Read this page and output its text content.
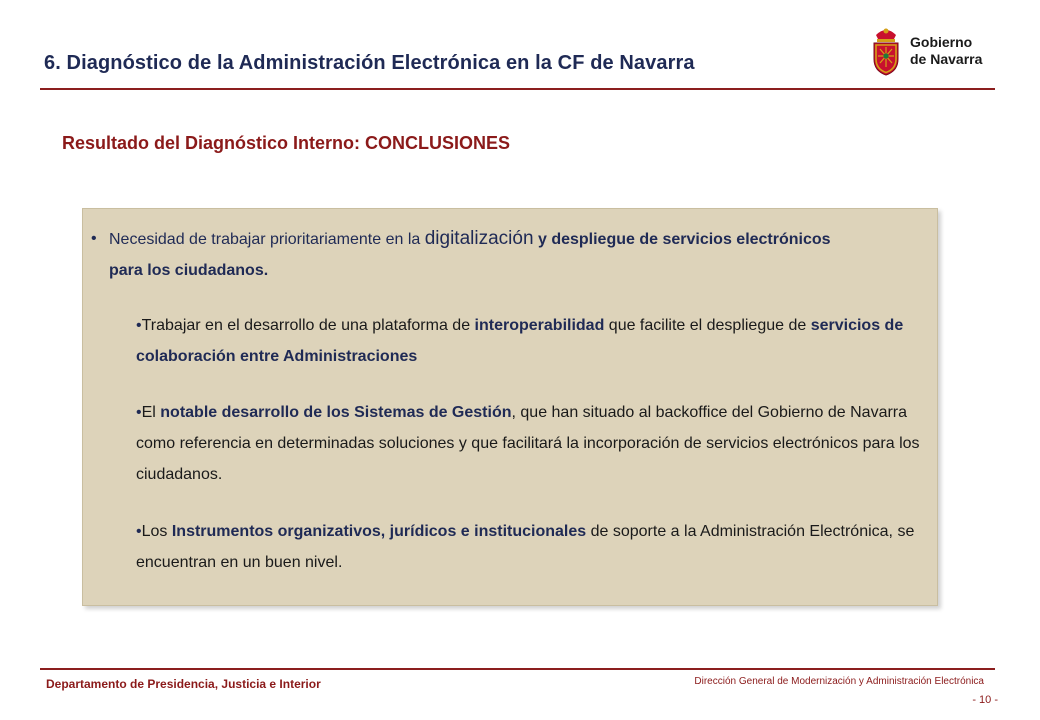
6. Diagnóstico de la Administración Electrónica en la CF de Navarra
Gobierno
de Navarra
Resultado del Diagnóstico Interno: CONCLUSIONES
• Necesidad de trabajar prioritariamente en la digitalización y despliegue de servicios electrónicos para los ciudadanos.
•Trabajar en el desarrollo de una plataforma de interoperabilidad que facilite el despliegue de servicios de colaboración entre Administraciones
•El notable desarrollo de los Sistemas de Gestión, que han situado al backoffice del Gobierno de Navarra como referencia en determinadas soluciones y que facilitará la incorporación de servicios electrónicos para los ciudadanos.
•Los Instrumentos organizativos, jurídicos e institucionales de soporte a la Administración Electrónica, se encuentran en un buen nivel.
Departamento de Presidencia, Justicia e Interior	Dirección General de Modernización y Administración Electrónica
- 10 -
